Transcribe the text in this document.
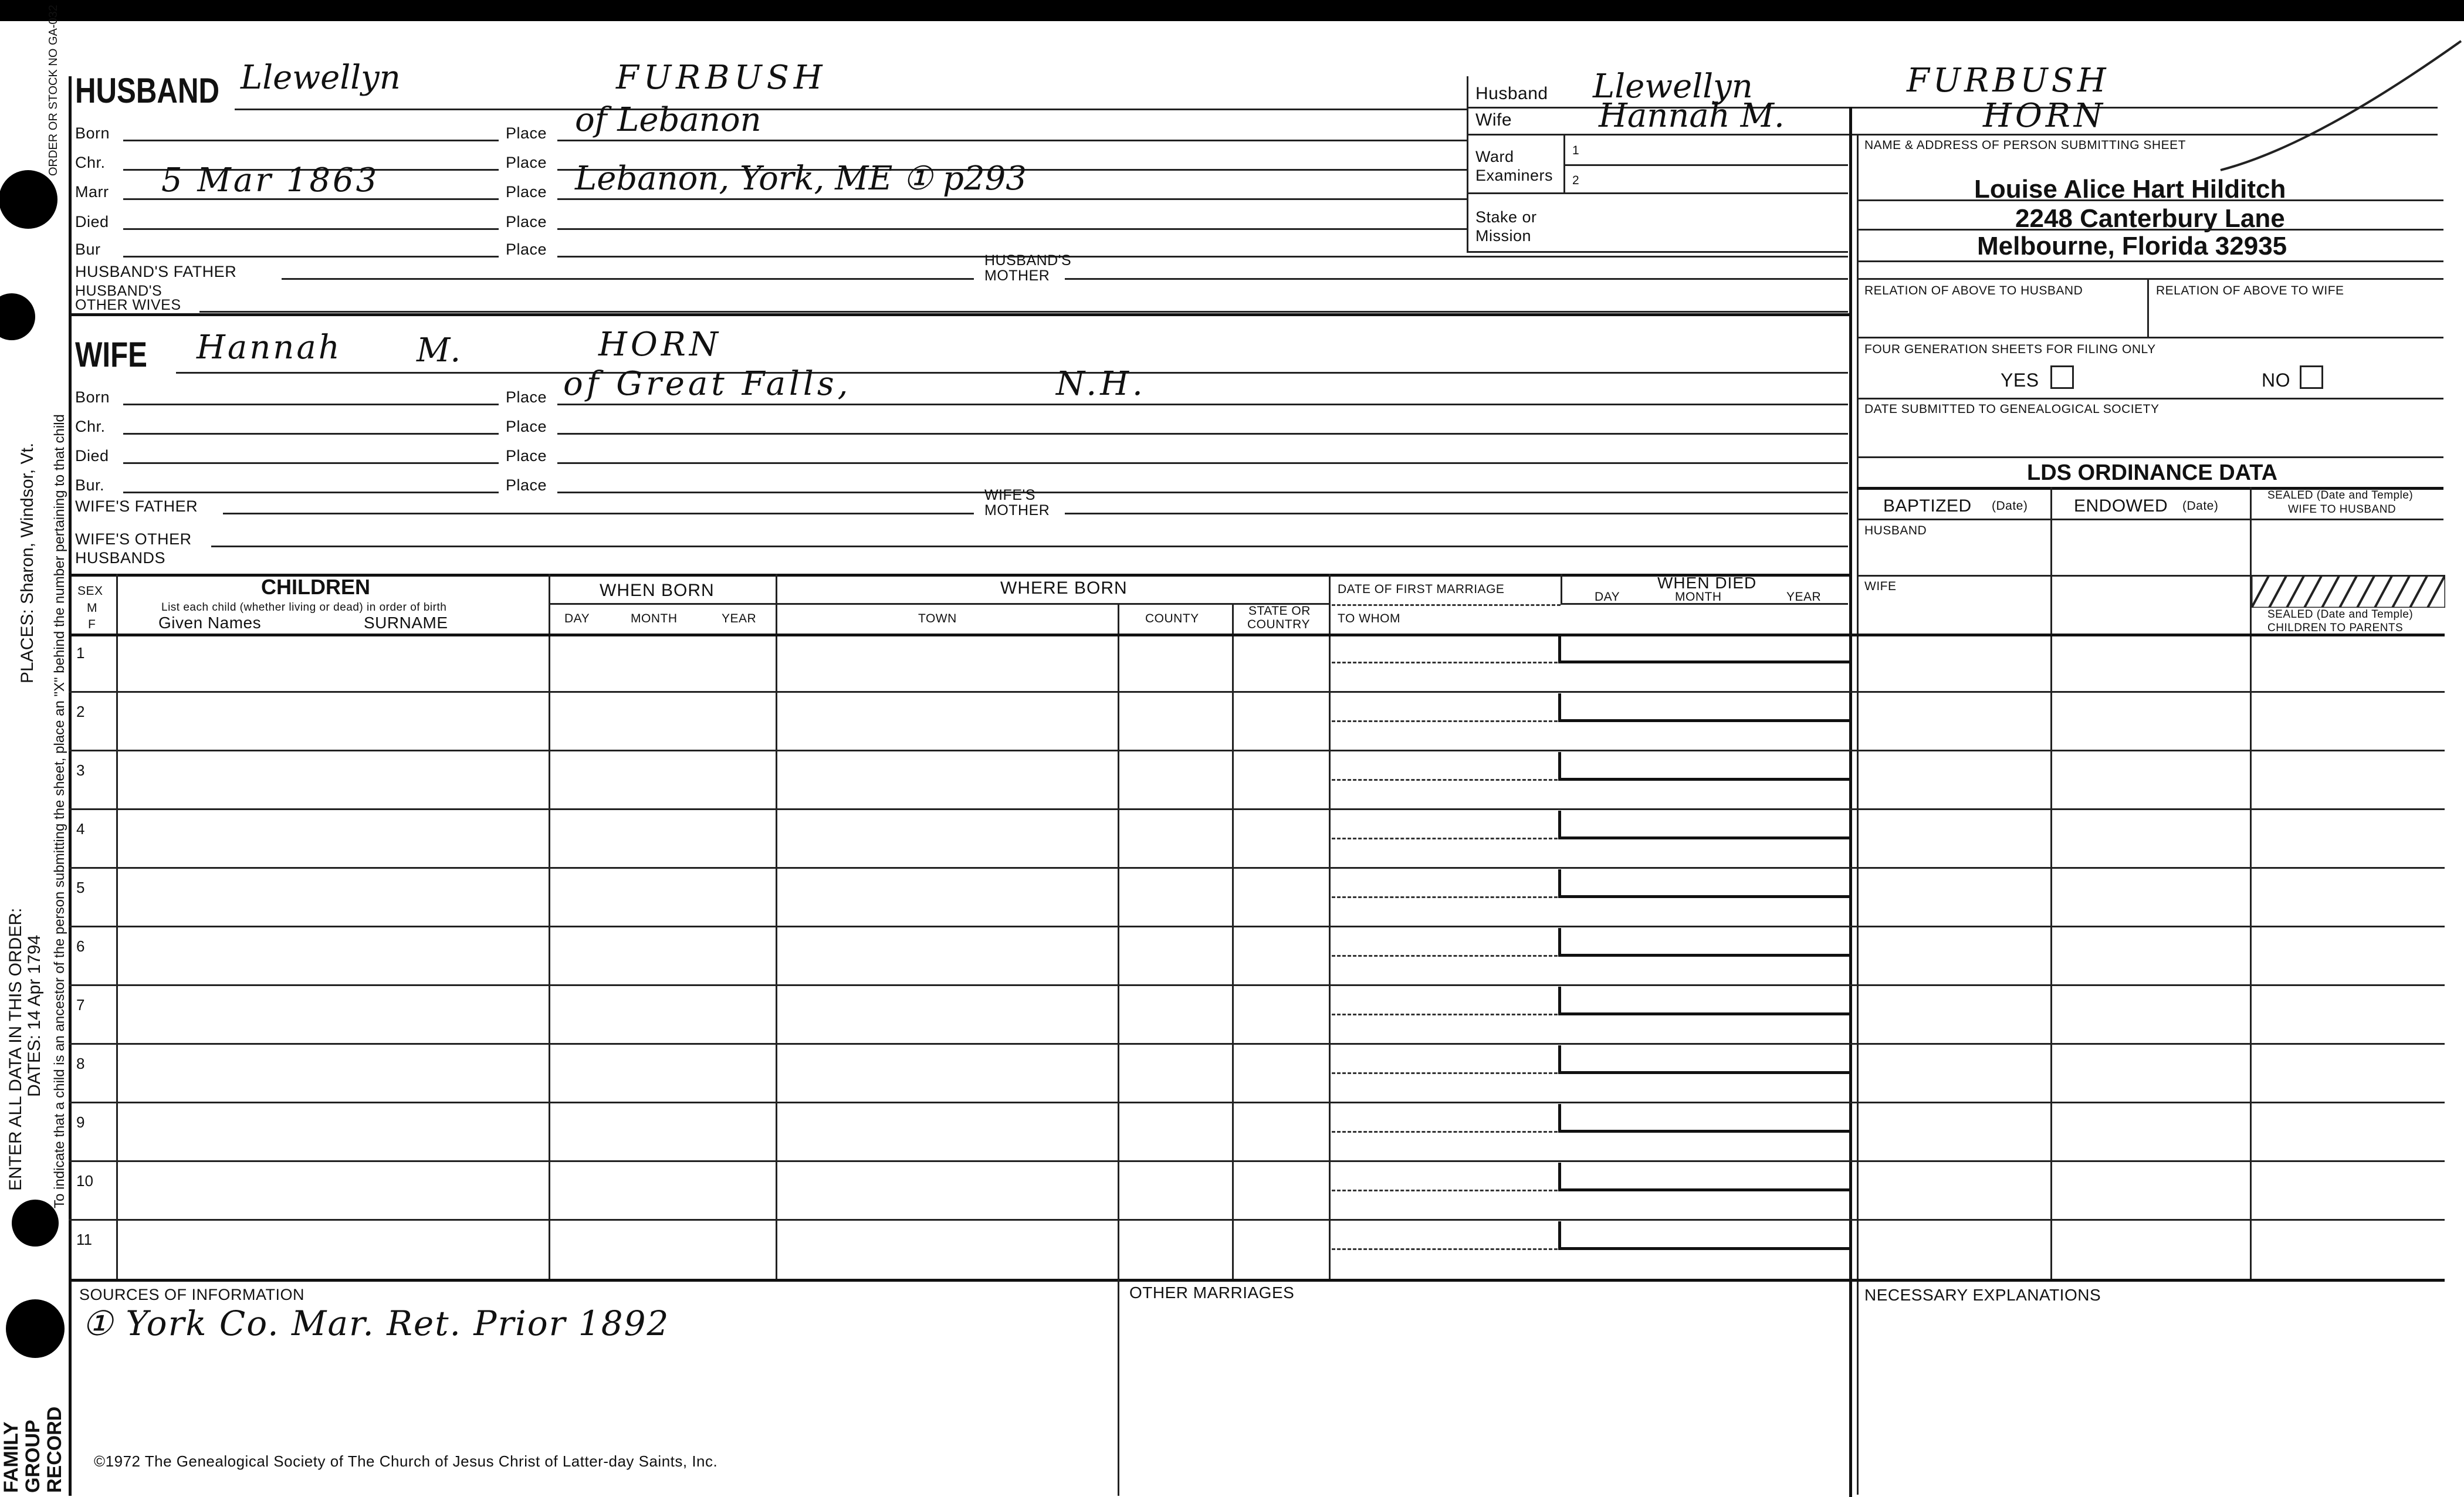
ORDER OR STOCK NO GA-032
To indicate that a child is an ancestor of the person submitting the sheet, place an "X" behind the number pertaining to that child
PLACES: Sharon, Windsor, Vt.
ENTER ALL DATA IN THIS ORDER: DATES: 14 Apr 1794
FAMILY GROUP RECORD
HUSBAND Llewellyn	FURBUSH
Born	Place of Lebanon
Chr.	Place
Marr 5 Mar 1863	Place Lebanon, York, ME ① p293
Died	Place
Bur	Place
HUSBAND'S FATHER
HUSBAND'S
MOTHER
HUSBAND'S
OTHER WIVES
Husband Llewellyn	FURBUSH
Wife	Hannah M.	HORN
Ward
Examiners
1
2
Stake or
Mission
NAME & ADDRESS OF PERSON SUBMITTING SHEET
Louise Alice Hart Hilditch
2248 Canterbury Lane
Melbourne, Florida 32935
RELATION OF ABOVE TO HUSBAND	RELATION OF ABOVE TO WIFE
FOUR GENERATION SHEETS FOR FILING ONLY
YES	NO
DATE SUBMITTED TO GENEALOGICAL SOCIETY
LDS ORDINANCE DATA
BAPTIZED (Date)	ENDOWED (Date)
SEALED (Date and Temple)
WIFE TO HUSBAND
HUSBAND
WIFE
SEALED (Date and Temple)
CHILDREN TO PARENTS
WIFE Hannah M.	HORN
Born	Place of Great Falls,	N.H.
Chr.	Place
Died	Place
Bur.	Place
WIFE'S FATHER
WIFE'S
MOTHER
WIFE'S OTHER
HUSBANDS
SEX
M
F
CHILDREN
List each child (whether living or dead) in order of birth
Given Names	SURNAME
WHEN BORN
DAY	MONTH	YEAR
WHERE BORN
TOWN	COUNTY
STATE OR
COUNTRY
DATE OF FIRST MARRIAGE
TO WHOM
WHEN DIED
DAY	MONTH	YEAR
1
2
3
4
5
6
7
8
9
10
11
SOURCES OF INFORMATION
① York Co. Mar. Ret. Prior 1892
OTHER MARRIAGES	NECESSARY EXPLANATIONS
©1972 The Genealogical Society of The Church of Jesus Christ of Latter-day Saints, Inc.
